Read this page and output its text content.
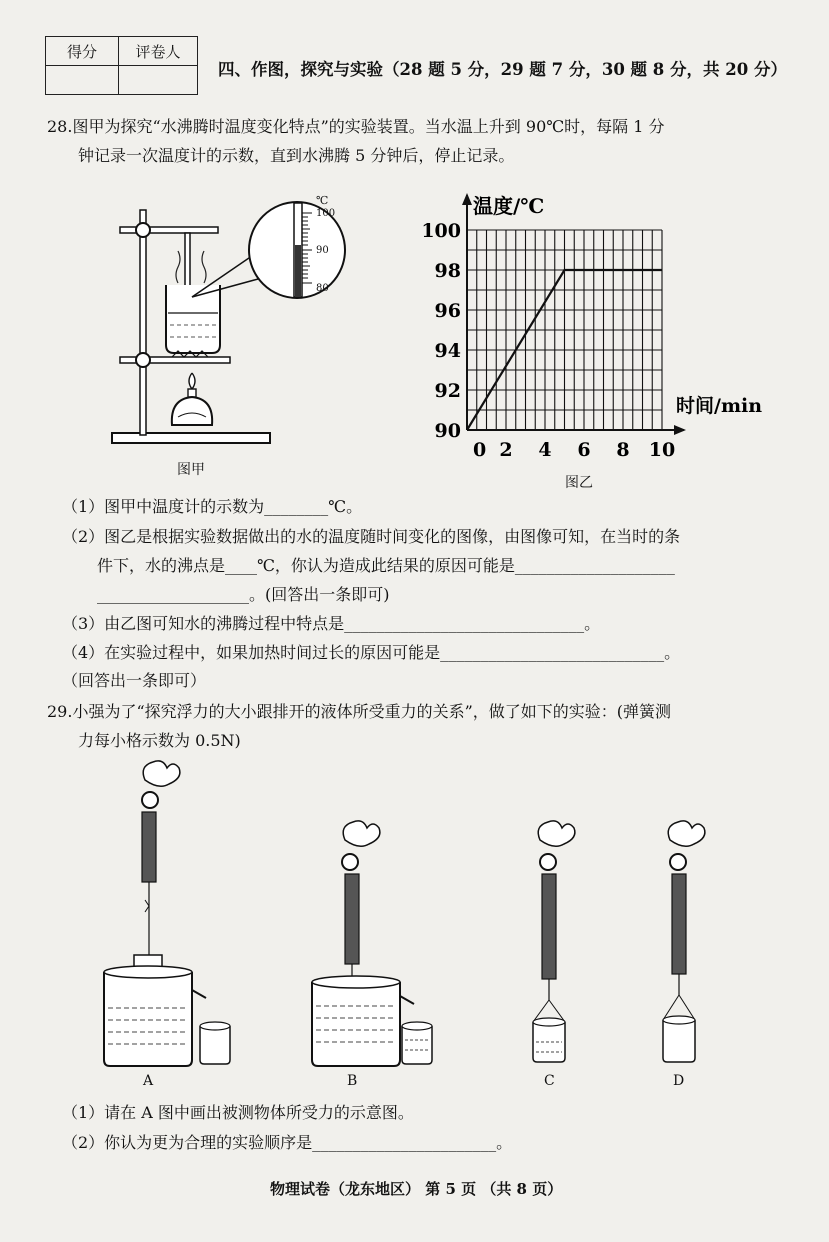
得分	评卷人

四、作图，探究与实验（28 题 5 分，29 题 7 分，30 题 8 分，共 20 分）
28.图甲为探究“水沸腾时温度变化特点”的实验装置。当水温上升到 90℃时，每隔 1 分
钟记录一次温度计的示数，直到水沸腾 5 分钟后，停止记录。
℃
100
90
80
图甲
温度/℃
时间/min
90
92
94
96
98
100
0 2 4 6 8 10
图乙
（1）图甲中温度计的示数为________℃。
（2）图乙是根据实验数据做出的水的温度随时间变化的图像，由图像可知，在当时的条
件下，水的沸点是____℃，你认为造成此结果的原因可能是____________________
___________________。(回答出一条即可)
（3）由乙图可知水的沸腾过程中特点是______________________________。
（4）在实验过程中，如果加热时间过长的原因可能是____________________________。
（回答出一条即可）
29.小强为了“探究浮力的大小跟排开的液体所受重力的关系”，做了如下的实验：(弹簧测
力每小格示数为 0.5N)
A	B	C	D
（1）请在 A 图中画出被测物体所受力的示意图。
（2）你认为更为合理的实验顺序是_______________________。
物理试卷（龙东地区） 第 5 页 （共 8 页）
